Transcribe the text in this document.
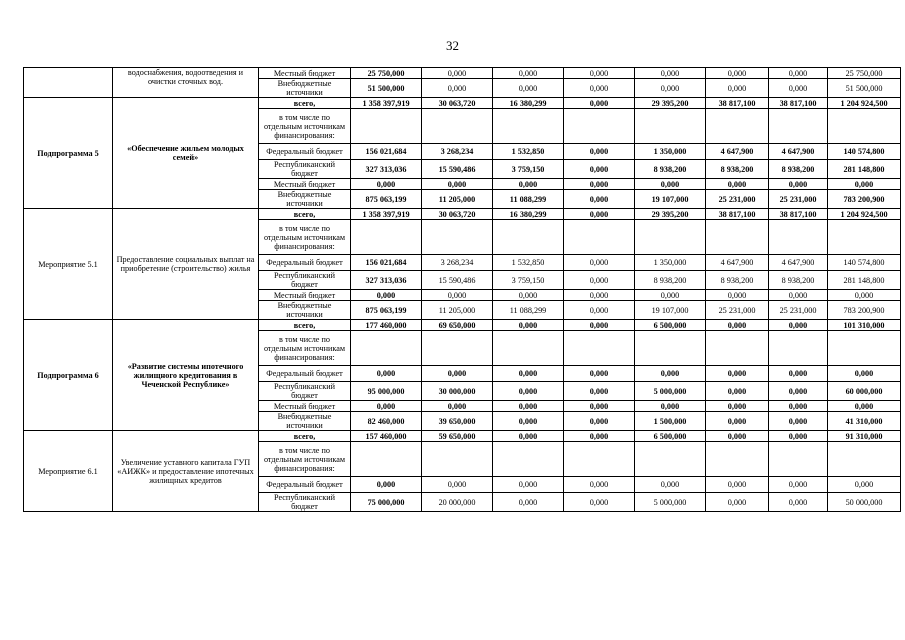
32
	водоснабжения, водоотведения и очистки сточных вод.	Местный бюджет	25 750,000	0,000	0,000	0,000	0,000	0,000	0,000	25 750,000
		Внебюджетные источники	51 500,000	0,000	0,000	0,000	0,000	0,000	0,000	51 500,000
Подпрограмма 5	«Обеспечение жильем молодых семей»	всего,	1 358 397,919	30 063,720	16 380,299	0,000	29 395,200	38 817,100	38 817,100	1 204 924,500
		в том числе по отдельным источникам финансирования:								
		Федеральный бюджет	156 021,684	3 268,234	1 532,850	0,000	1 350,000	4 647,900	4 647,900	140 574,800
		Республиканский бюджет	327 313,036	15 590,486	3 759,150	0,000	8 938,200	8 938,200	8 938,200	281 148,800
		Местный бюджет	0,000	0,000	0,000	0,000	0,000	0,000	0,000	0,000
		Внебюджетные источники	875 063,199	11 205,000	11 088,299	0,000	19 107,000	25 231,000	25 231,000	783 200,900
Мероприятие 5.1	Предоставление социальных выплат на приобретение (строительство) жилья	всего,	1 358 397,919	30 063,720	16 380,299	0,000	29 395,200	38 817,100	38 817,100	1 204 924,500
		в том числе по отдельным источникам финансирования:								
		Федеральный бюджет	156 021,684	3 268,234	1 532,850	0,000	1 350,000	4 647,900	4 647,900	140 574,800
		Республиканский бюджет	327 313,036	15 590,486	3 759,150	0,000	8 938,200	8 938,200	8 938,200	281 148,800
		Местный бюджет	0,000	0,000	0,000	0,000	0,000	0,000	0,000	0,000
		Внебюджетные источники	875 063,199	11 205,000	11 088,299	0,000	19 107,000	25 231,000	25 231,000	783 200,900
Подпрограмма 6	«Развитие системы ипотечного жилищного кредитования в Чеченской Республике»	всего,	177 460,000	69 650,000	0,000	0,000	6 500,000	0,000	0,000	101 310,000
		в том числе по отдельным источникам финансирования:								
		Федеральный бюджет	0,000	0,000	0,000	0,000	0,000	0,000	0,000	0,000
		Республиканский бюджет	95 000,000	30 000,000	0,000	0,000	5 000,000	0,000	0,000	60 000,000
		Местный бюджет	0,000	0,000	0,000	0,000	0,000	0,000	0,000	0,000
		Внебюджетные источники	82 460,000	39 650,000	0,000	0,000	1 500,000	0,000	0,000	41 310,000
Мероприятие 6.1	Увеличение уставного капитала ГУП «АИЖК» и предоставление ипотечных жилищных кредитов	всего,	157 460,000	59 650,000	0,000	0,000	6 500,000	0,000	0,000	91 310,000
		в том числе по отдельным источникам финансирования:								
		Федеральный бюджет	0,000	0,000	0,000	0,000	0,000	0,000	0,000	0,000
		Республиканский бюджет	75 000,000	20 000,000	0,000	0,000	5 000,000	0,000	0,000	50 000,000
